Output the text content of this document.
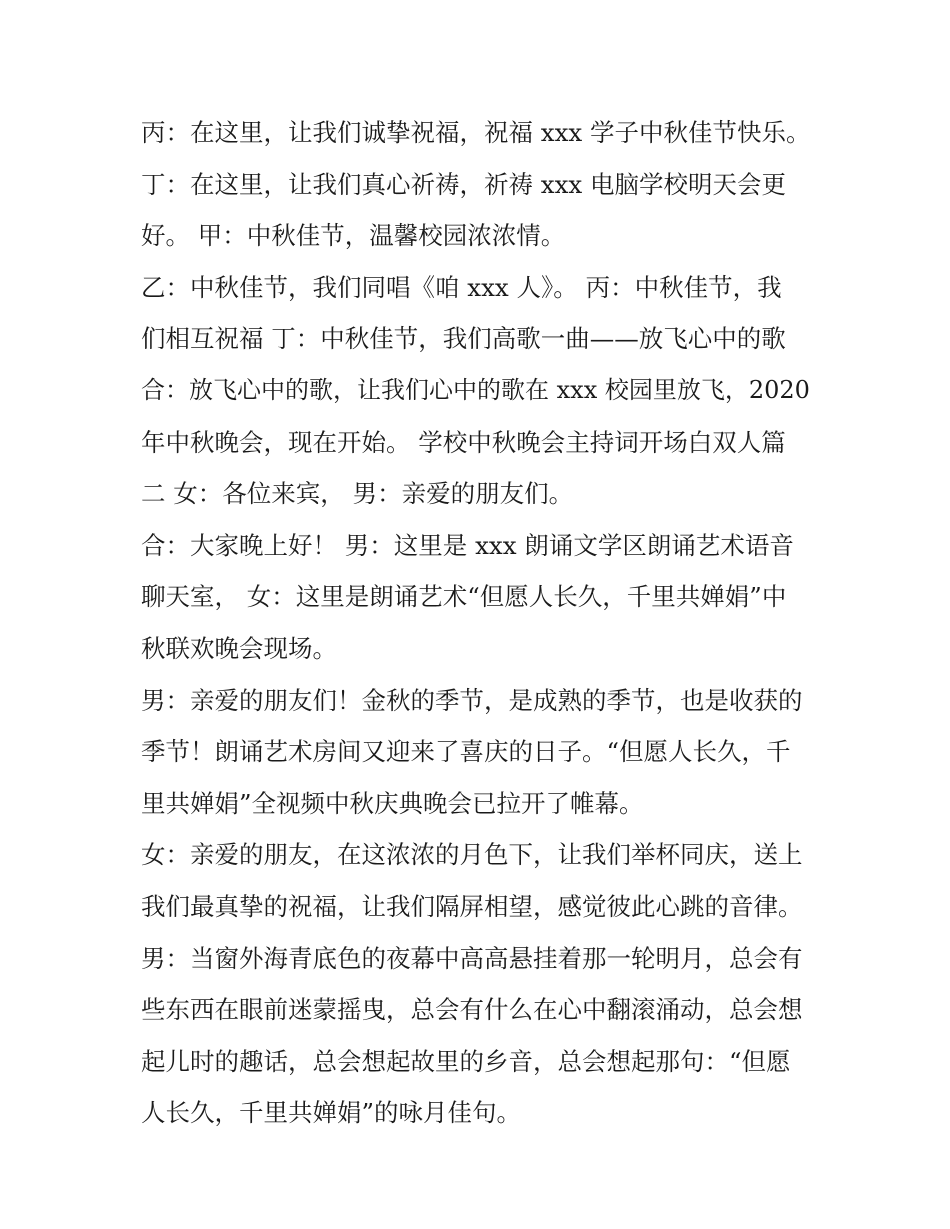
丙：在这里，让我们诚挚祝福，祝福 xxx 学子中秋佳节快乐。
丁：在这里，让我们真心祈祷，祈祷 xxx 电脑学校明天会更
好。 甲：中秋佳节，温馨校园浓浓情。
乙：中秋佳节，我们同唱《咱 xxx 人》。 丙：中秋佳节，我
们相互祝福 丁：中秋佳节，我们高歌一曲——放飞心中的歌
合：放飞心中的歌，让我们心中的歌在 xxx 校园里放飞，2020
年中秋晚会，现在开始。 学校中秋晚会主持词开场白双人篇
二 女：各位来宾， 男：亲爱的朋友们。
合：大家晚上好！ 男：这里是 xxx 朗诵文学区朗诵艺术语音
聊天室， 女：这里是朗诵艺术“但愿人长久，千里共婵娟”中
秋联欢晚会现场。
男：亲爱的朋友们！金秋的季节，是成熟的季节，也是收获的
季节！朗诵艺术房间又迎来了喜庆的日子。“但愿人长久，千
里共婵娟”全视频中秋庆典晚会已拉开了帷幕。
女：亲爱的朋友，在这浓浓的月色下，让我们举杯同庆，送上
我们最真挚的祝福，让我们隔屏相望，感觉彼此心跳的音律。
男：当窗外海青底色的夜幕中高高悬挂着那一轮明月，总会有
些东西在眼前迷蒙摇曳，总会有什么在心中翻滚涌动，总会想
起儿时的趣话，总会想起故里的乡音，总会想起那句：“但愿
人长久，千里共婵娟”的咏月佳句。
